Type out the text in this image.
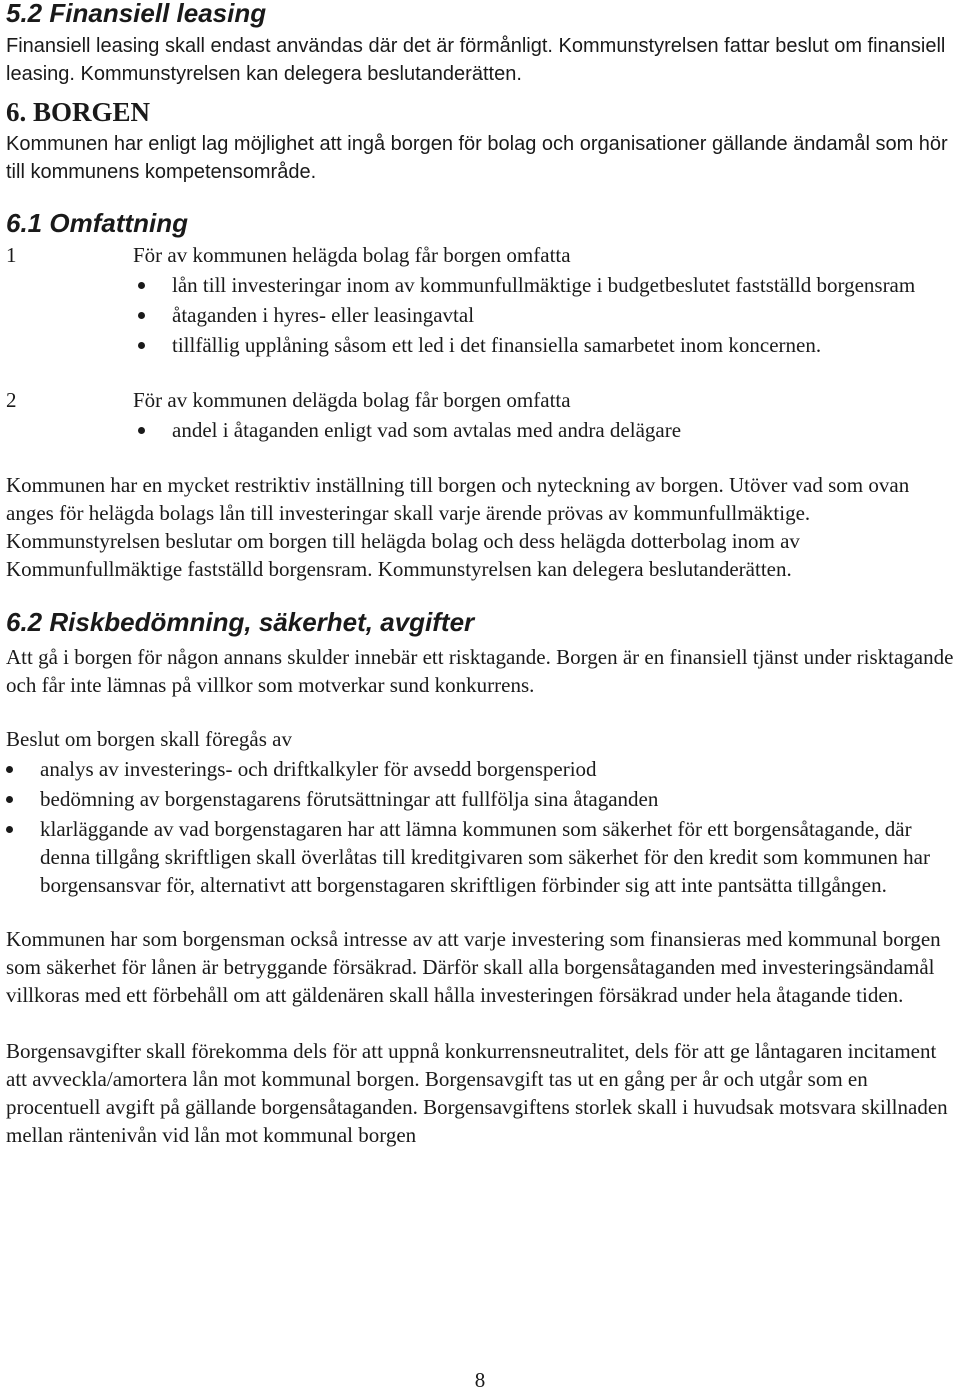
5.2 Finansiell leasing

Finansiell leasing skall endast användas där det är förmånligt. Kommunstyrelsen fattar beslut om finansiell leasing. Kommunstyrelsen kan delegera beslutanderätten.

6. BORGEN

Kommunen har enligt lag möjlighet att ingå borgen för bolag och organisationer gällande ändamål som hör till kommunens kompetensområde.

6.1 Omfattning
1	För av kommunen helägda bolag får borgen omfatta
lån till investeringar inom av kommunfullmäktige i budgetbeslutet fastställd borgensram
åtaganden i hyres- eller leasingavtal
tillfällig upplåning såsom ett led i det finansiella samarbetet inom koncernen.
2	För av kommunen delägda bolag får borgen omfatta
andel i åtaganden enligt vad som avtalas med andra delägare

Kommunen har en mycket restriktiv inställning till borgen och nyteckning av borgen. Utöver vad som ovan anges för helägda bolags lån till investeringar skall varje ärende prövas av kommunfullmäktige. Kommunstyrelsen beslutar om borgen till helägda bolag och dess helägda dotterbolag inom av Kommunfullmäktige fastställd borgensram. Kommunstyrelsen kan delegera beslutanderätten.

6.2 Riskbedömning, säkerhet, avgifter

Att gå i borgen för någon annans skulder innebär ett risktagande. Borgen är en finansiell tjänst under risktagande och får inte lämnas på villkor som motverkar sund konkurrens.

Beslut om borgen skall föregås av

analys av investerings- och driftkalkyler för avsedd borgensperiod
bedömning av borgenstagarens förutsättningar att fullfölja sina åtaganden
klarläggande av vad borgenstagaren har att lämna kommunen som säkerhet för ett borgensåtagande, där denna tillgång skriftligen skall överlåtas till kreditgivaren som säkerhet för den kredit som kommunen har borgensansvar för, alternativt att borgenstagaren skriftligen förbinder sig att inte pantsätta tillgången.

Kommunen har som borgensman också intresse av att varje investering som finansieras med kommunal borgen som säkerhet för lånen är betryggande försäkrad. Därför skall alla borgensåtaganden med investeringsändamål villkoras med ett förbehåll om att gäldenären skall hålla investeringen försäkrad under hela åtagande tiden.

Borgensavgifter skall förekomma dels för att uppnå konkurrensneutralitet, dels för att ge låntagaren incitament att avveckla/amortera lån mot kommunal borgen. Borgensavgift tas ut en gång per år och utgår som en procentuell avgift på gällande borgensåtaganden. Borgensavgiftens storlek skall i huvudsak motsvara skillnaden mellan räntenivån vid lån mot kommunal borgen

8
